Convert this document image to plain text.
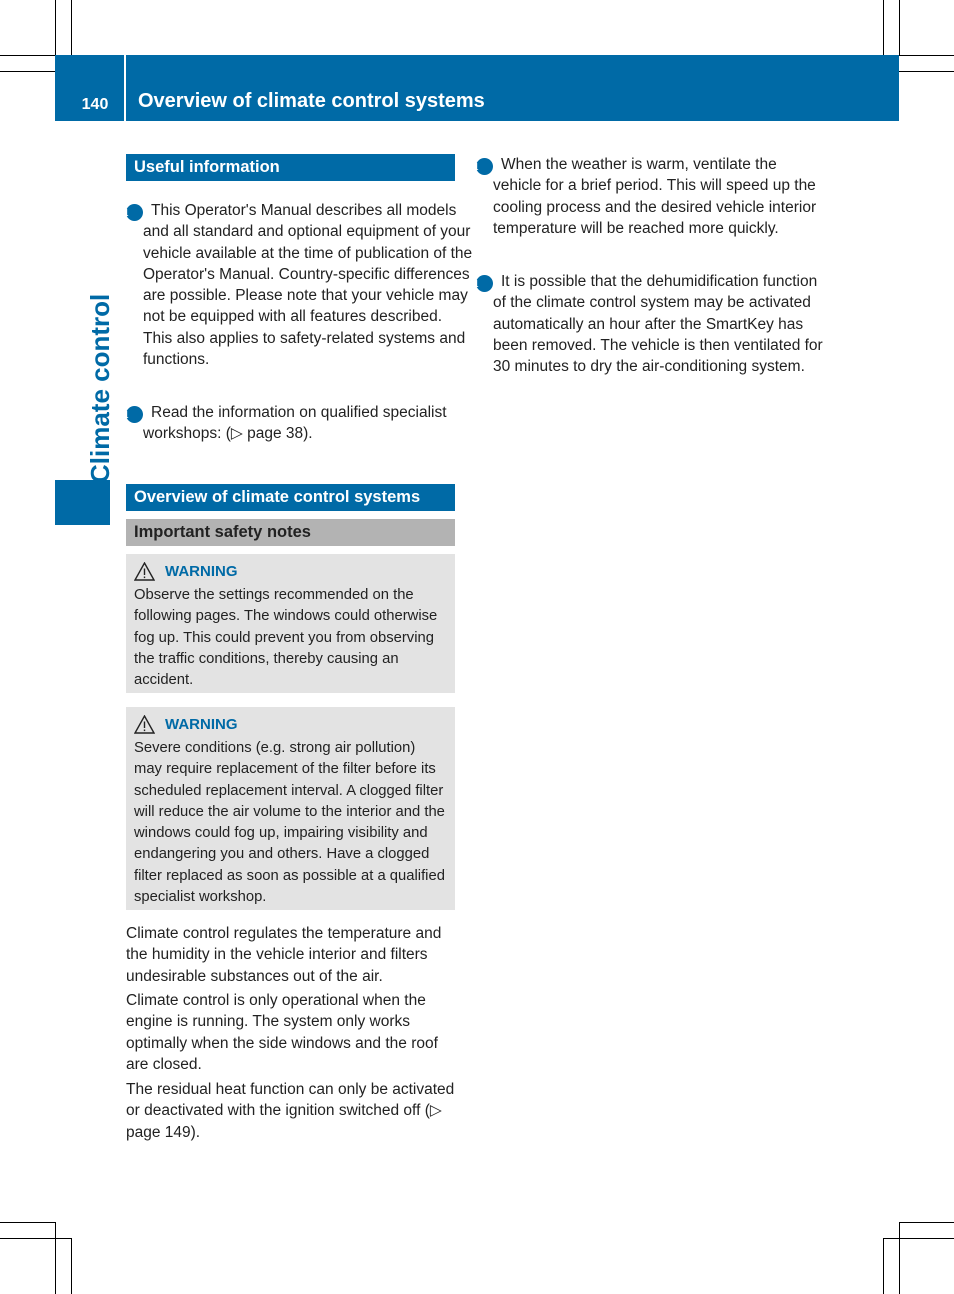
140	Overview of climate control systems
Climate control
Useful information
i This Operator's Manual describes all models and all standard and optional equipment of your vehicle available at the time of publication of the Operator's Manual. Country-specific differences are possible. Please note that your vehicle may not be equipped with all features described. This also applies to safety-related systems and functions.
i Read the information on qualified specialist workshops: (▷ page 38).
Overview of climate control systems
Important safety notes
WARNING
Observe the settings recommended on the following pages. The windows could otherwise fog up. This could prevent you from observing the traffic conditions, thereby causing an accident.
WARNING
Severe conditions (e.g. strong air pollution) may require replacement of the filter before its scheduled replacement interval. A clogged filter will reduce the air volume to the interior and the windows could fog up, impairing visibility and endangering you and others. Have a clogged filter replaced as soon as possible at a qualified specialist workshop.
Climate control regulates the temperature and the humidity in the vehicle interior and filters undesirable substances out of the air.
Climate control is only operational when the engine is running. The system only works optimally when the side windows and the roof are closed.
The residual heat function can only be activated or deactivated with the ignition switched off (▷ page 149).
i When the weather is warm, ventilate the vehicle for a brief period. This will speed up the cooling process and the desired vehicle interior temperature will be reached more quickly.
i It is possible that the dehumidification function of the climate control system may be activated automatically an hour after the SmartKey has been removed. The vehicle is then ventilated for 30 minutes to dry the air-conditioning system.
